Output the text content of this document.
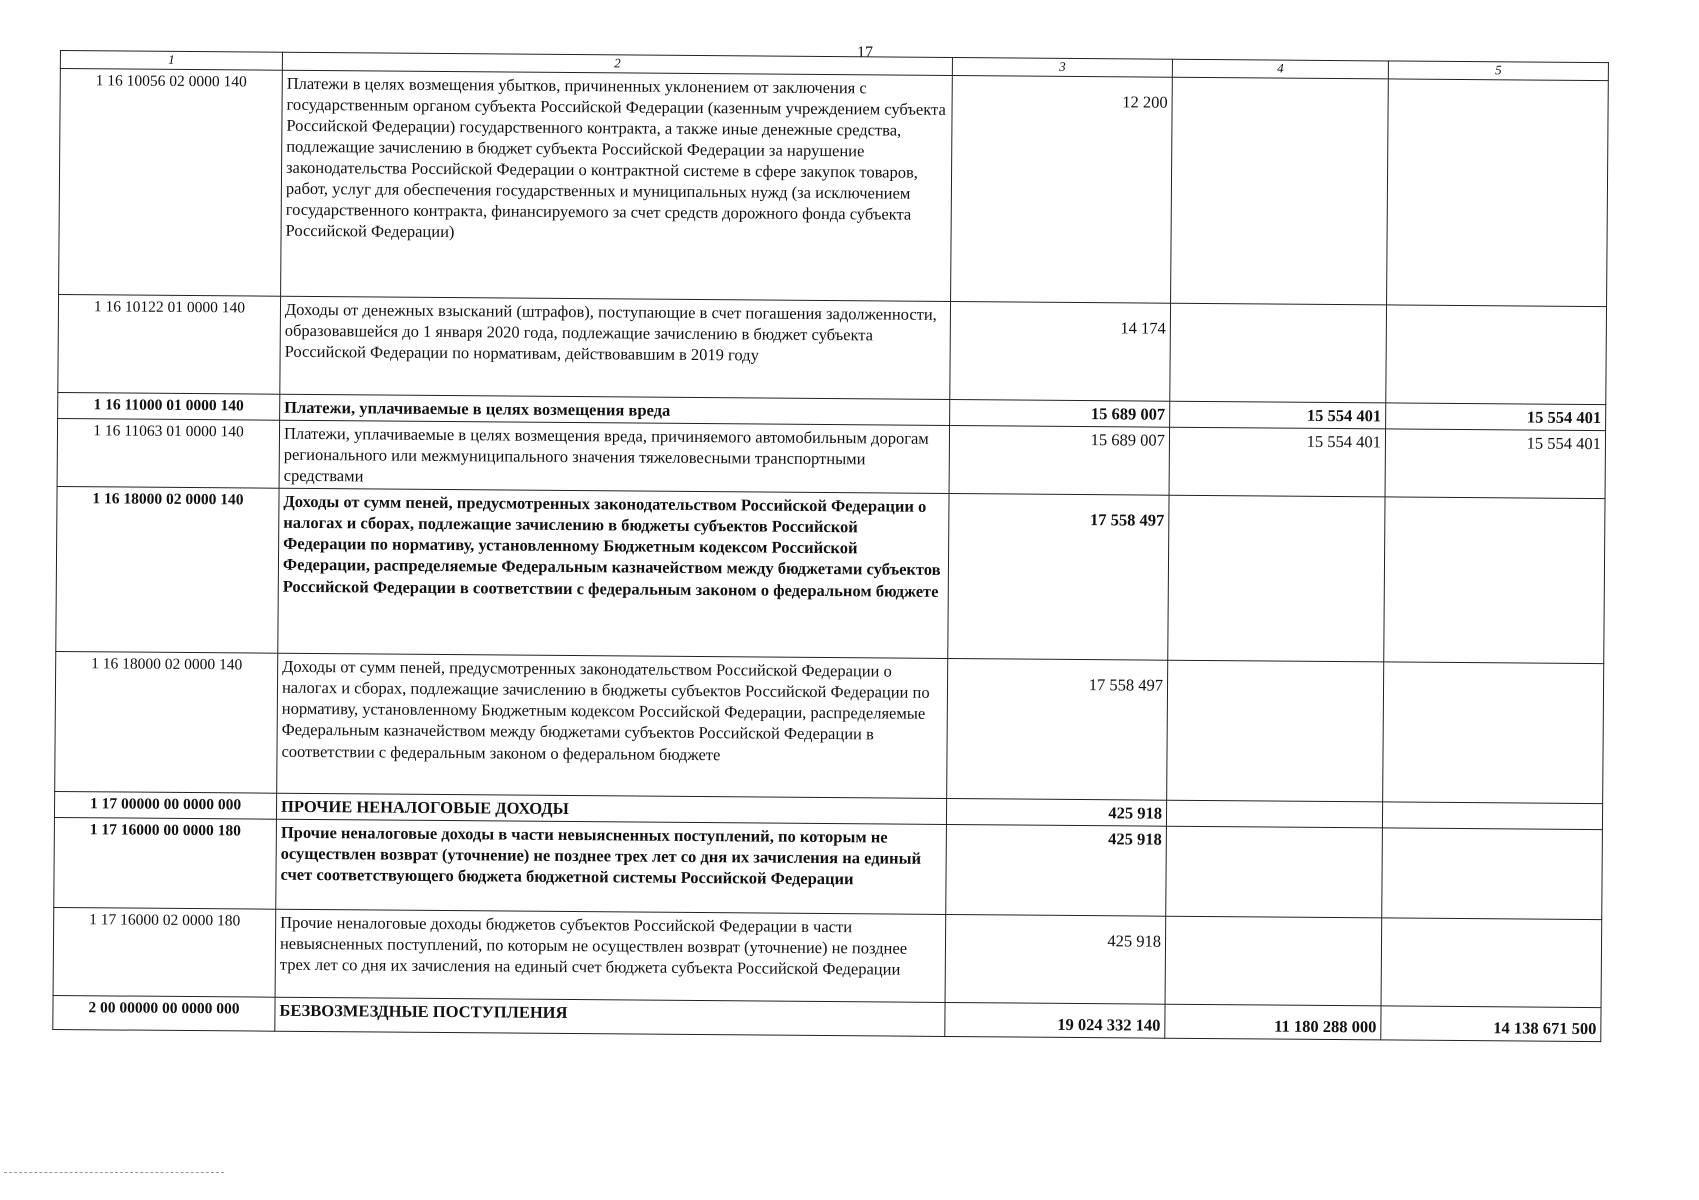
17
1	2	3	4	5
1 16 10056 02 0000 140	Платежи в целях возмещения убытков, причиненных уклонением от заключения с государственным органом субъекта Российской Федерации (казенным учреждением субъекта Российской Федерации) государственного контракта, а также иные денежные средства, подлежащие зачислению в бюджет субъекта Российской Федерации за нарушение законодательства Российской Федерации о контрактной системе в сфере закупок товаров, работ, услуг для обеспечения государственных и муниципальных нужд (за исключением государственного контракта, финансируемого за счет средств дорожного фонда субъекта Российской Федерации)	12 200		
1 16 10122 01 0000 140	Доходы от денежных взысканий (штрафов), поступающие в счет погашения задолженности, образовавшейся до 1 января 2020 года, подлежащие зачислению в бюджет субъекта Российской Федерации по нормативам, действовавшим в 2019 году	14 174		
1 16 11000 01 0000 140	Платежи, уплачиваемые в целях возмещения вреда	15 689 007	15 554 401	15 554 401
1 16 11063 01 0000 140	Платежи, уплачиваемые в целях возмещения вреда, причиняемого автомобильным дорогам регионального или межмуниципального значения тяжеловесными транспортными средствами	15 689 007	15 554 401	15 554 401
1 16 18000 02 0000 140	Доходы от сумм пеней, предусмотренных законодательством Российской Федерации о налогах и сборах, подлежащие зачислению в бюджеты субъектов Российской Федерации по нормативу, установленному Бюджетным кодексом Российской Федерации, распределяемые Федеральным казначейством между бюджетами субъектов Российской Федерации в соответствии с федеральным законом о федеральном бюджете	17 558 497		
1 16 18000 02 0000 140	Доходы от сумм пеней, предусмотренных законодательством Российской Федерации о налогах и сборах, подлежащие зачислению в бюджеты субъектов Российской Федерации по нормативу, установленному Бюджетным кодексом Российской Федерации, распределяемые Федеральным казначейством между бюджетами субъектов Российской Федерации в соответствии с федеральным законом о федеральном бюджете	17 558 497		
1 17 00000 00 0000 000	ПРОЧИЕ НЕНАЛОГОВЫЕ ДОХОДЫ	425 918		
1 17 16000 00 0000 180	Прочие неналоговые доходы в части невыясненных поступлений, по которым не осуществлен возврат (уточнение) не позднее трех лет со дня их зачисления на единый счет соответствующего бюджета бюджетной системы Российской Федерации	425 918		
1 17 16000 02 0000 180	Прочие неналоговые доходы бюджетов субъектов Российской Федерации в части невыясненных поступлений, по которым не осуществлен возврат (уточнение) не позднее трех лет со дня их зачисления на единый счет бюджета субъекта Российской Федерации	425 918		
2 00 00000 00 0000 000	БЕЗВОЗМЕЗДНЫЕ ПОСТУПЛЕНИЯ	19 024 332 140	11 180 288 000	14 138 671 500
